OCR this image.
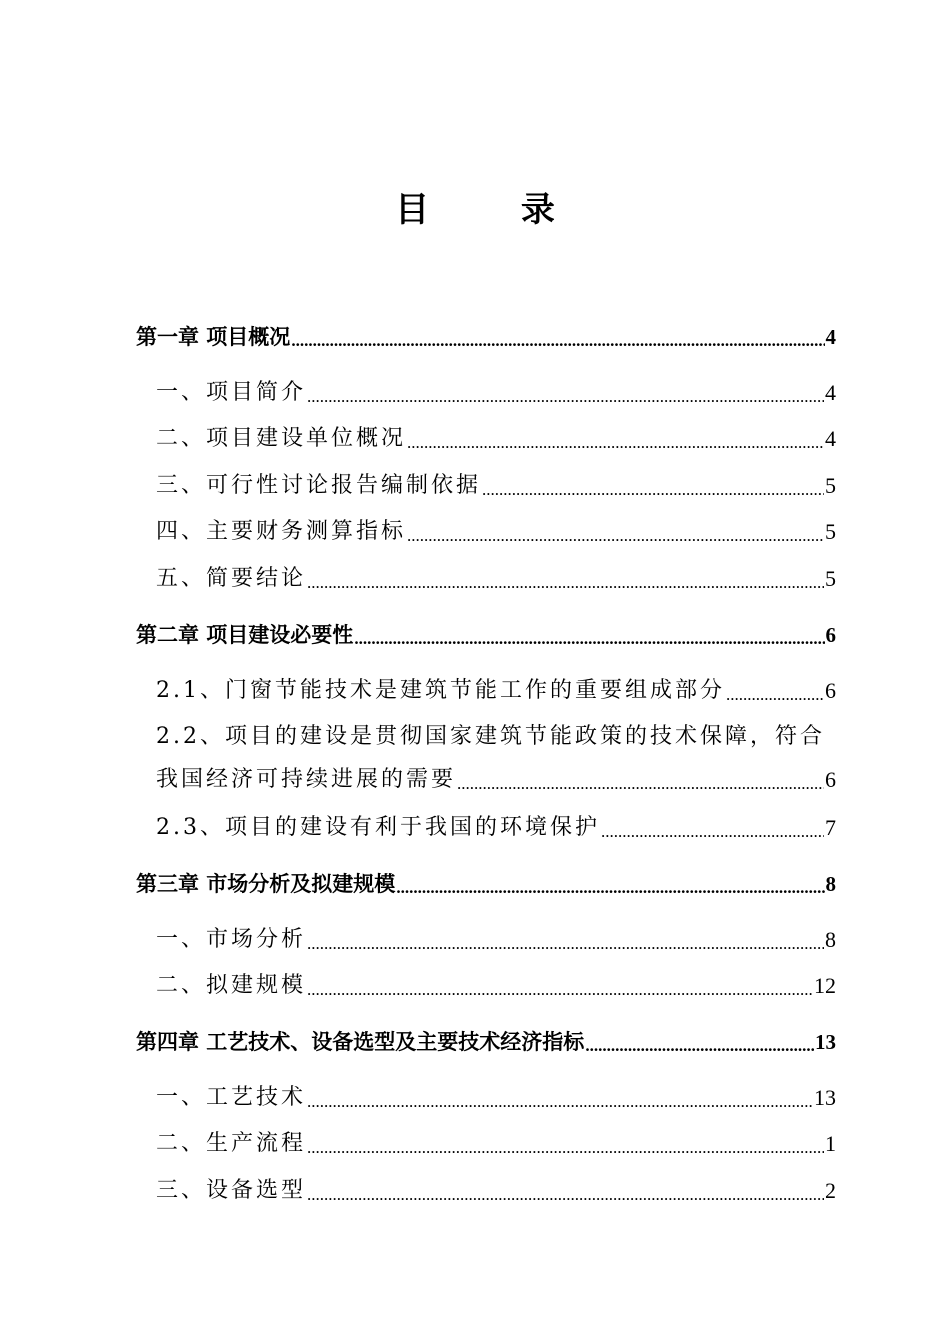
目 录
第一章 项目概况 .....	4
一、项目简介 .....	4
二、项目建设单位概况 .....	4
三、可行性讨论报告编制依据 .....	5
四、主要财务测算指标 .....	5
五、简要结论 .....	5
第二章 项目建设必要性 .....	6
2.1、门窗节能技术是建筑节能工作的重要组成部分 .....	6
2.2、项目的建设是贯彻国家建筑节能政策的技术保障，符合
我国经济可持续进展的需要 .....	6
2.3、项目的建设有利于我国的环境保护 .....	7
第三章 市场分析及拟建规模 .....	8
一、市场分析 .....	8
二、拟建规模 .....	12
第四章 工艺技术、设备选型及主要技术经济指标 .....	13
一、工艺技术 .....	13
二、生产流程 .....	1
三、设备选型 .....	2
